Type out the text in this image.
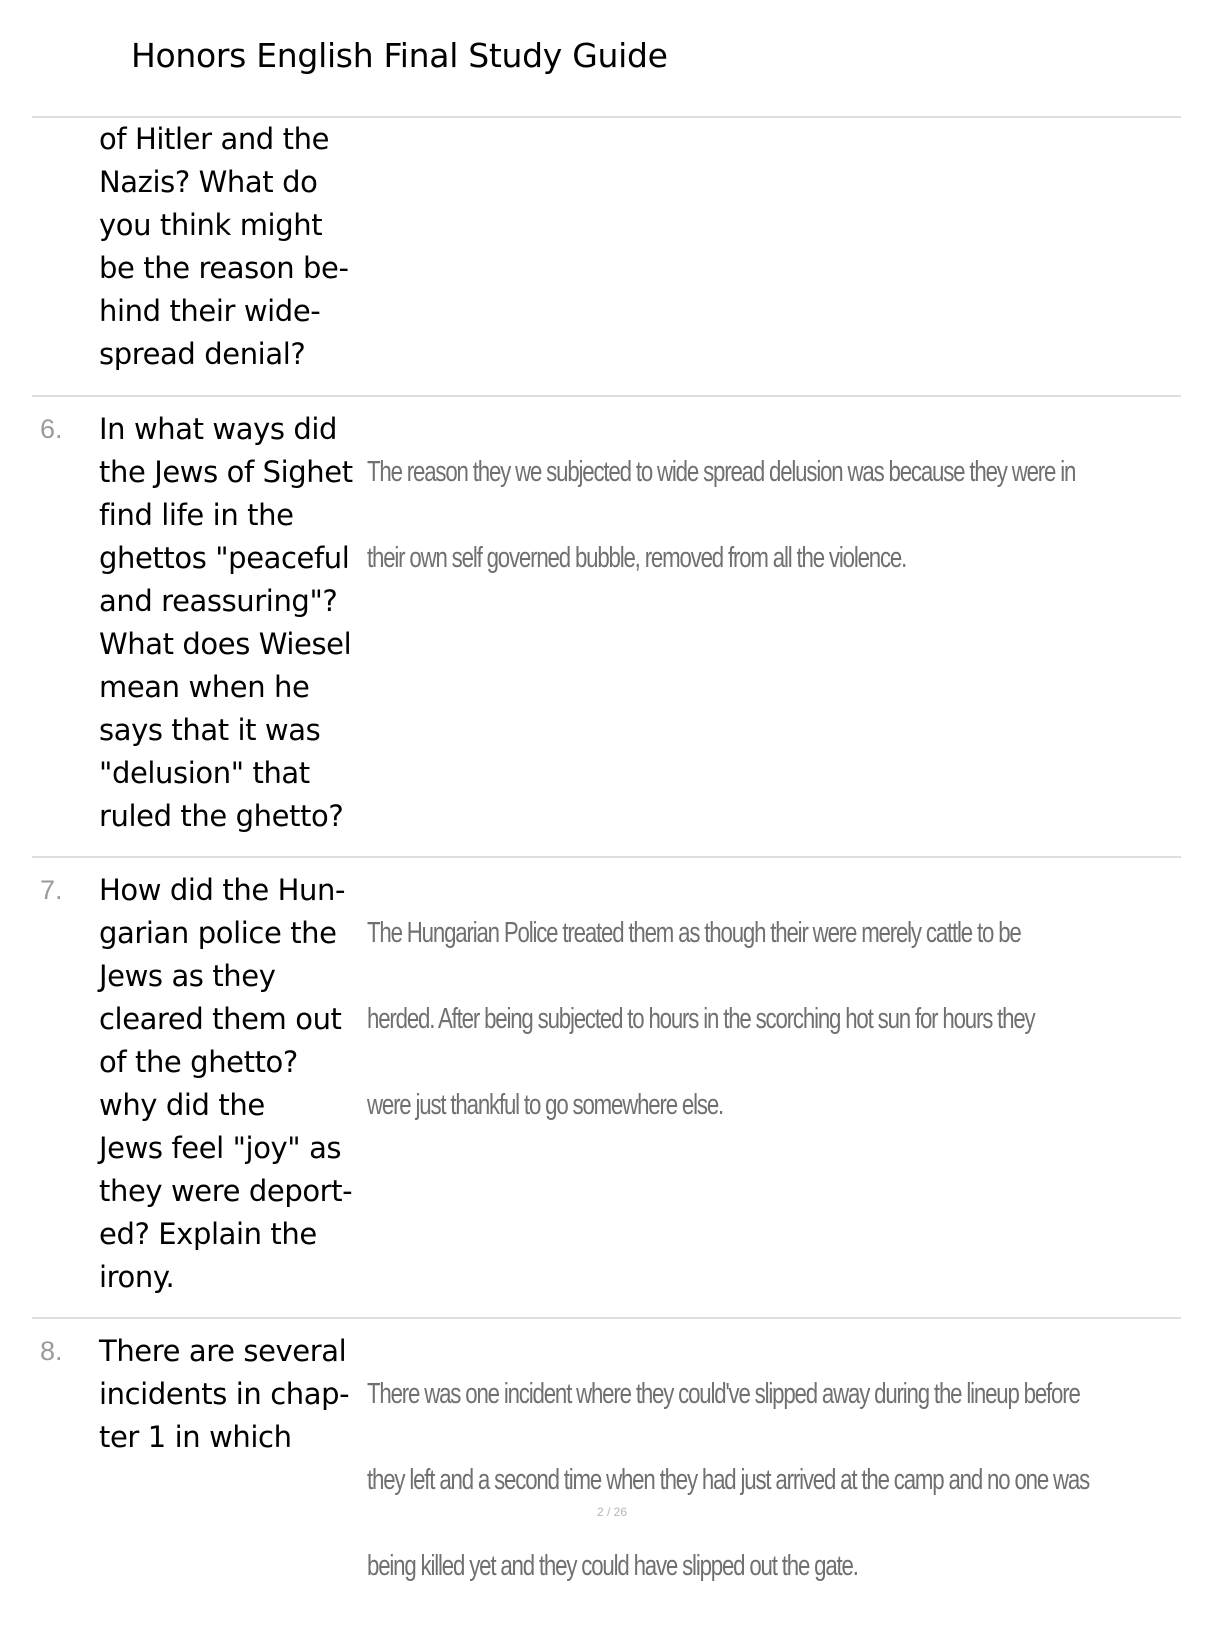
Honors English Final Study Guide
of Hitler and the
Nazis? What do
you think might
be the reason be-
hind their wide-
spread denial?
6. In what ways did
the Jews of Sighet
find life in the
ghettos "peaceful
and reassuring"?
What does Wiesel
mean when he
says that it was
"delusion" that
ruled the ghetto?

The reason they we subjected to wide spread delusion was because they were in

their own self governed bubble, removed from all the violence.

7. How did the Hun-
garian police the
Jews as they
cleared them out
of the ghetto?
why did the
Jews feel "joy" as
they were deport-
ed? Explain the
irony.

The Hungarian Police treated them as though their were merely cattle to be

herded. After being subjected to hours in the scorching hot sun for hours they

were just thankful to go somewhere else.

8. There are several
incidents in chap-
ter 1 in which

There was one incident where they could've slipped away during the lineup before

they left and a second time when they had just arrived at the camp and no one was

being killed yet and they could have slipped out the gate.

2 / 26
